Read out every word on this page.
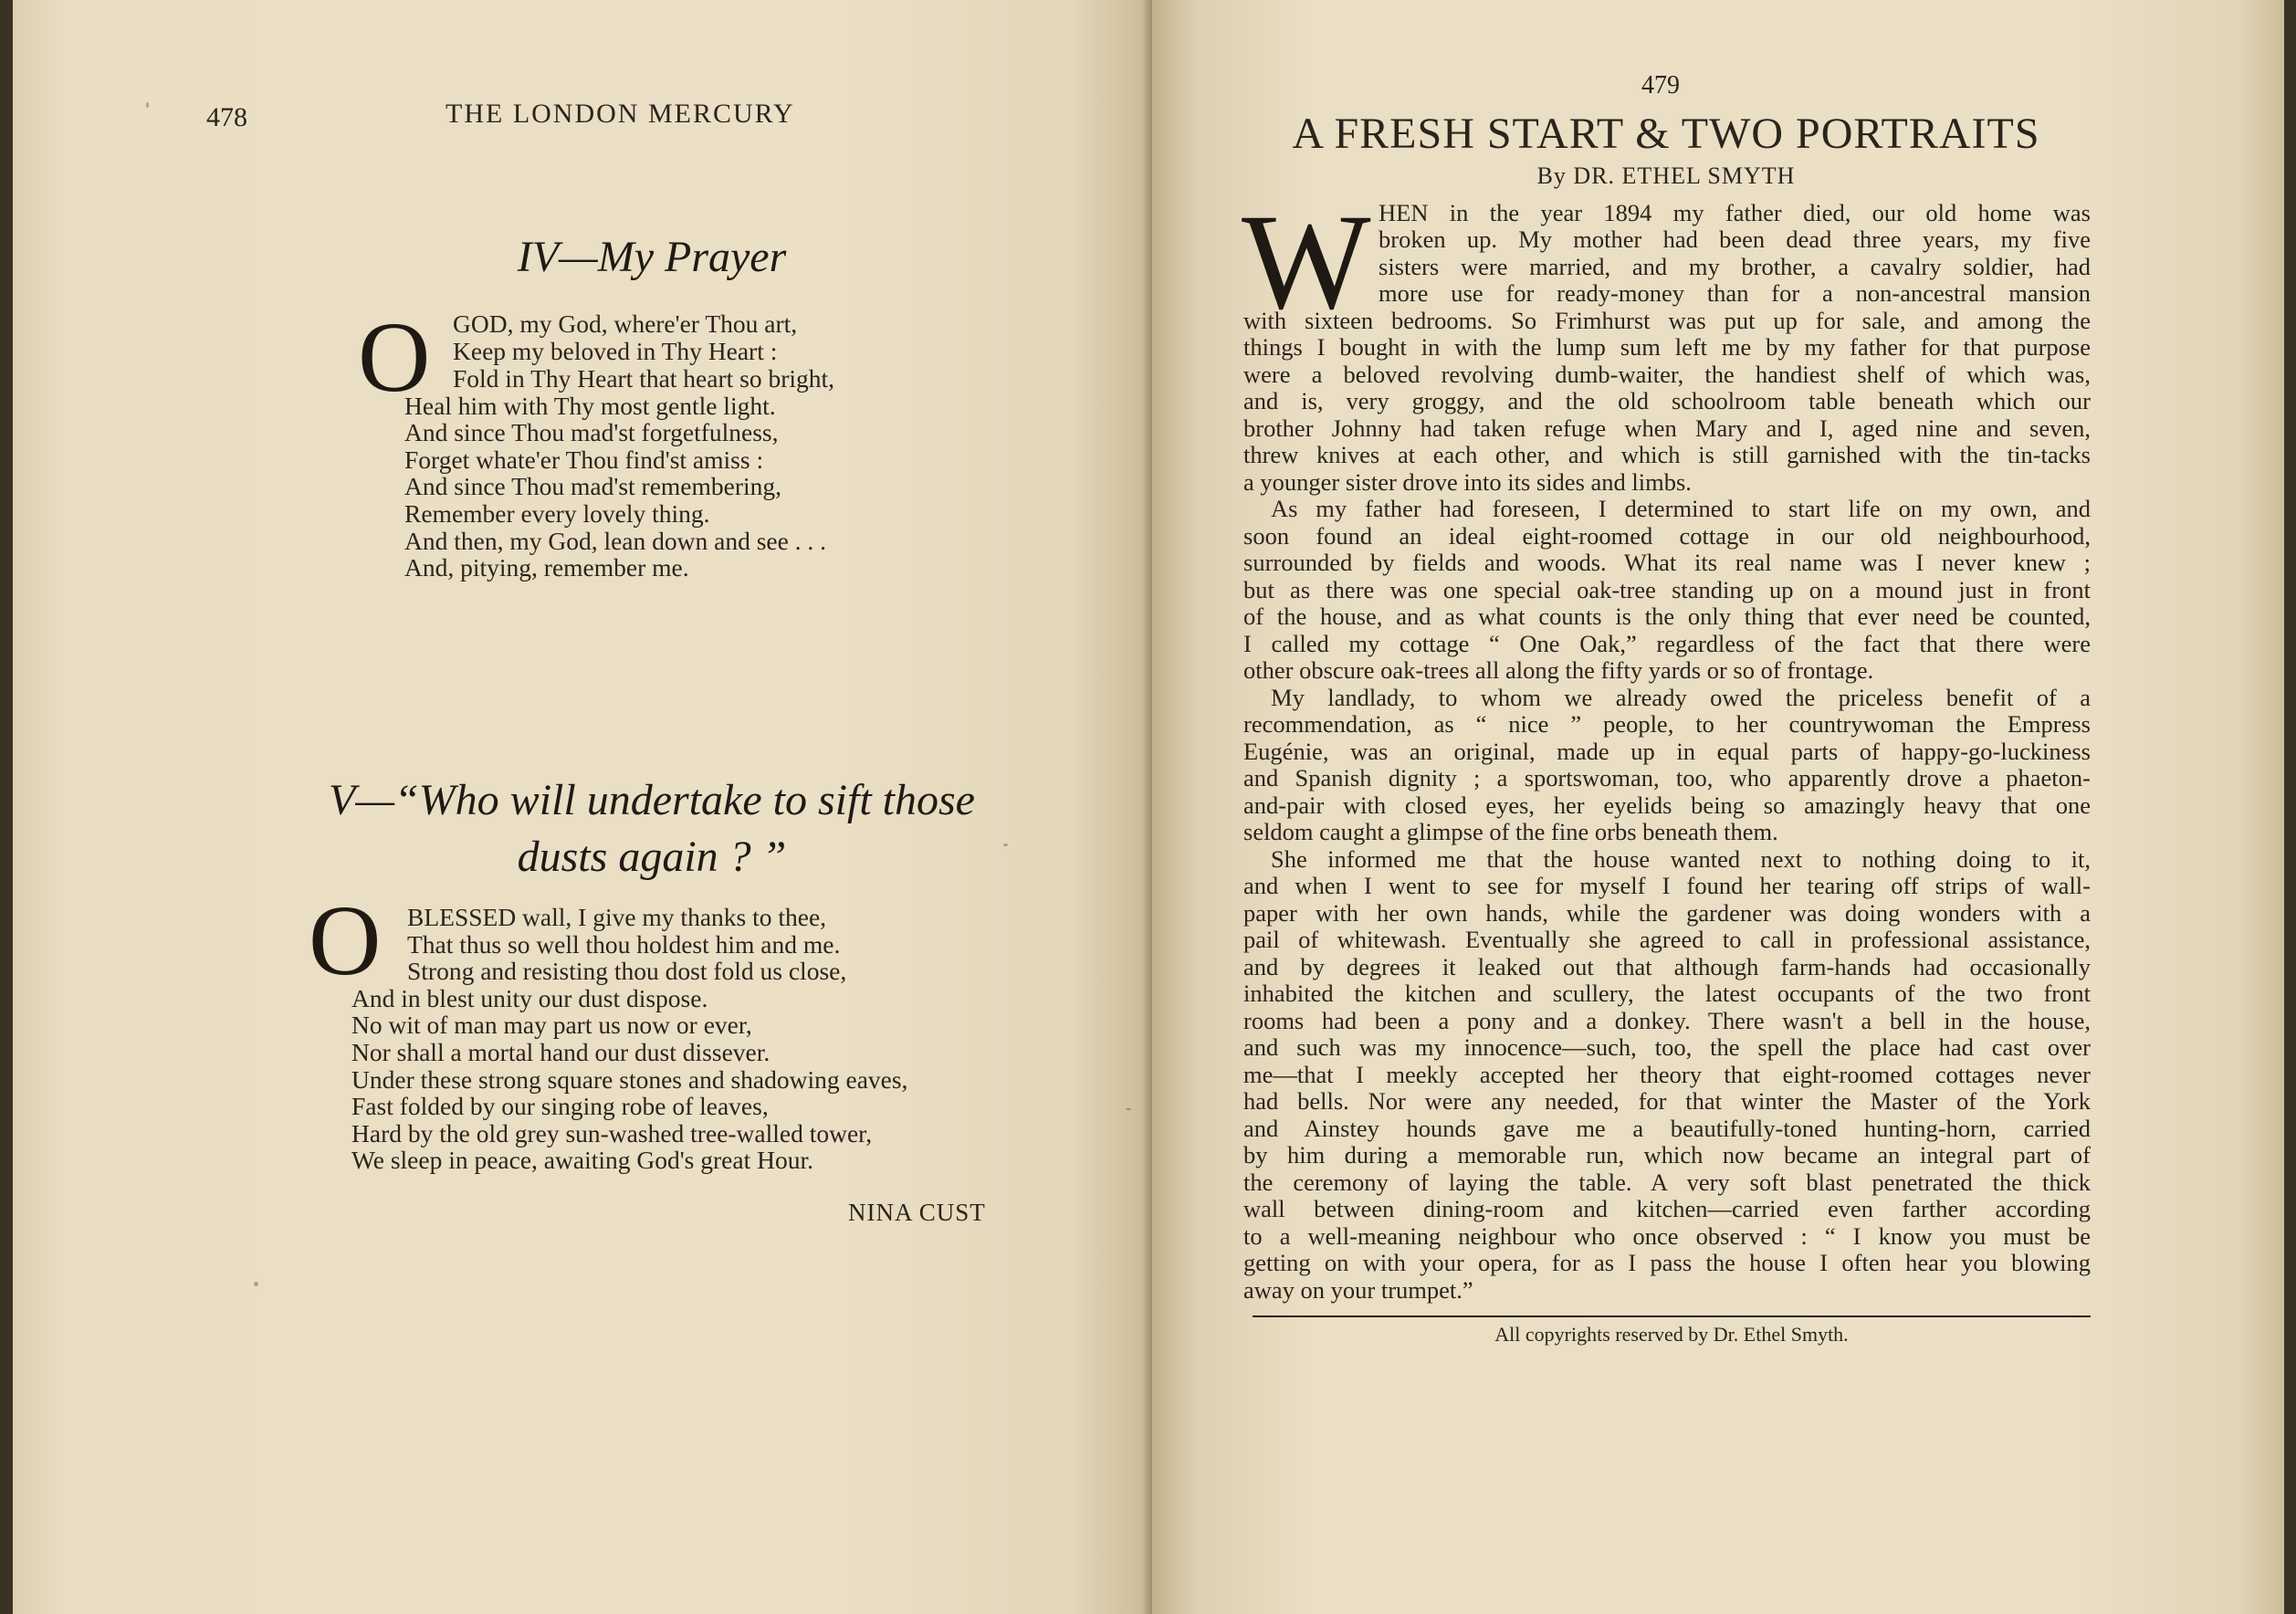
478	THE LONDON MERCURY
IV—My Prayer
O GOD, my God, where'er Thou art,
Keep my beloved in Thy Heart :
Fold in Thy Heart that heart so bright,
Heal him with Thy most gentle light.
And since Thou mad'st forgetfulness,
Forget whate'er Thou find'st amiss :
And since Thou mad'st remembering,
Remember every lovely thing.
And then, my God, lean down and see . . .
And, pitying, remember me.
V—“Who will undertake to sift those
dusts again ? ”
O BLESSED wall, I give my thanks to thee,
That thus so well thou holdest him and me.
Strong and resisting thou dost fold us close,
And in blest unity our dust dispose.
No wit of man may part us now or ever,
Nor shall a mortal hand our dust dissever.
Under these strong square stones and shadowing eaves,
Fast folded by our singing robe of leaves,
Hard by the old grey sun-washed tree-walled tower,
We sleep in peace, awaiting God's great Hour.
NINA CUST
479
A FRESH START & TWO PORTRAITS
By DR. ETHEL SMYTH
W HEN in the year 1894 my father died, our old home was
broken up. My mother had been dead three years, my five
sisters were married, and my brother, a cavalry soldier, had
more use for ready-money than for a non-ancestral mansion
with sixteen bedrooms. So Frimhurst was put up for sale, and among the
things I bought in with the lump sum left me by my father for that purpose
were a beloved revolving dumb-waiter, the handiest shelf of which was,
and is, very groggy, and the old schoolroom table beneath which our
brother Johnny had taken refuge when Mary and I, aged nine and seven,
threw knives at each other, and which is still garnished with the tin-tacks
a younger sister drove into its sides and limbs.
As my father had foreseen, I determined to start life on my own, and
soon found an ideal eight-roomed cottage in our old neighbourhood,
surrounded by fields and woods. What its real name was I never knew ;
but as there was one special oak-tree standing up on a mound just in front
of the house, and as what counts is the only thing that ever need be counted,
I called my cottage “ One Oak,” regardless of the fact that there were
other obscure oak-trees all along the fifty yards or so of frontage.
My landlady, to whom we already owed the priceless benefit of a
recommendation, as “ nice ” people, to her countrywoman the Empress
Eugénie, was an original, made up in equal parts of happy-go-luckiness
and Spanish dignity ; a sportswoman, too, who apparently drove a phaeton-
and-pair with closed eyes, her eyelids being so amazingly heavy that one
seldom caught a glimpse of the fine orbs beneath them.
She informed me that the house wanted next to nothing doing to it,
and when I went to see for myself I found her tearing off strips of wall-
paper with her own hands, while the gardener was doing wonders with a
pail of whitewash. Eventually she agreed to call in professional assistance,
and by degrees it leaked out that although farm-hands had occasionally
inhabited the kitchen and scullery, the latest occupants of the two front
rooms had been a pony and a donkey. There wasn't a bell in the house,
and such was my innocence—such, too, the spell the place had cast over
me—that I meekly accepted her theory that eight-roomed cottages never
had bells. Nor were any needed, for that winter the Master of the York
and Ainstey hounds gave me a beautifully-toned hunting-horn, carried
by him during a memorable run, which now became an integral part of
the ceremony of laying the table. A very soft blast penetrated the thick
wall between dining-room and kitchen—carried even farther according
to a well-meaning neighbour who once observed : “ I know you must be
getting on with your opera, for as I pass the house I often hear you blowing
away on your trumpet.”
All copyrights reserved by Dr. Ethel Smyth.
